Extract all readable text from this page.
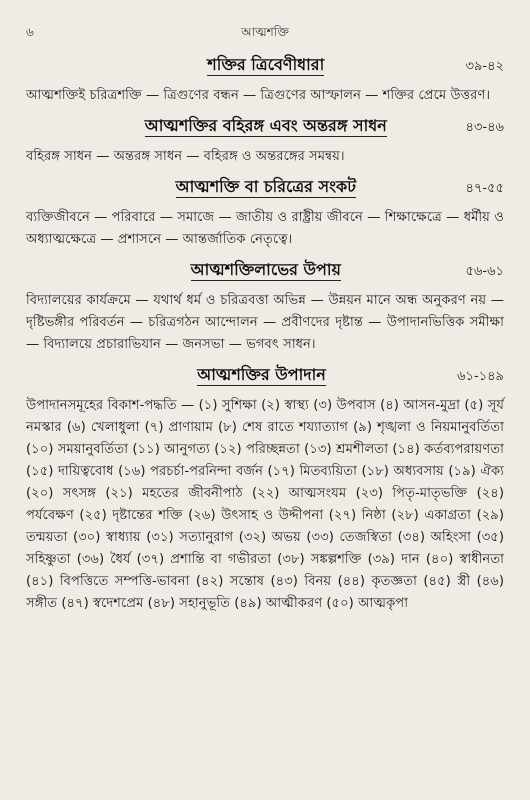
৬	আত্মশক্তি
শক্তির ত্রিবেণীধারা	৩৯-৪২

আত্মশক্তিই চরিত্রশক্তি — ত্রিগুণের বন্ধন — ত্রিগুণের আস্ফালন — শক্তির প্রেমে উত্তরণ।

আত্মশক্তির বহিরঙ্গ এবং অন্তরঙ্গ সাধন	৪৩-৪৬

বহিরঙ্গ সাধন — অন্তরঙ্গ সাধন — বহিরঙ্গ ও অন্তরঙ্গের সমন্বয়।

আত্মশক্তি বা চরিত্রের সংকট	৪৭-৫৫

ব্যক্তিজীবনে — পরিবারে — সমাজে — জাতীয় ও রাষ্ট্রীয় জীবনে — শিক্ষাক্ষেত্রে — ধর্মীয় ও অধ্যাত্মক্ষেত্রে — প্রশাসনে — আন্তর্জাতিক নেতৃত্বে।

আত্মশক্তিলাভের উপায়	৫৬-৬১

বিদ্যালয়ের কার্যক্রমে — যথার্থ ধর্ম ও চরিত্রবত্তা অভিন্ন — উন্নয়ন মানে অন্ধ অনুকরণ নয় — দৃষ্টিভঙ্গীর পরিবর্তন — চরিত্রগঠন আন্দোলন — প্রবীণদের দৃষ্টান্ত — উপাদানভিত্তিক সমীক্ষা — বিদ্যালয়ে প্রচারাভিযান — জনসভা — ভগবৎ সাধন।

আত্মশক্তির উপাদান	৬১-১৪৯

উপাদানসমূহের বিকাশ-পদ্ধতি — (১) সুশিক্ষা (২) স্বাস্থ্য (৩) উপবাস (৪) আসন-মুদ্রা (৫) সূর্য নমস্কার (৬) খেলাধুলা (৭) প্রাণায়াম (৮) শেষ রাতে শয্যাত্যাগ (৯) শৃঙ্খলা ও নিয়মানুবর্তিতা (১০) সময়ানুবর্তিতা (১১) আনুগত্য (১২) পরিচ্ছন্নতা (১৩) শ্রমশীলতা (১৪) কর্তব্যপরায়ণতা (১৫) দায়িত্ববোধ (১৬) পরচর্চা-পরনিন্দা বর্জন (১৭) মিতব্যয়িতা (১৮) অধ্যবসায় (১৯) ঐক্য (২০) সৎসঙ্গ (২১) মহতের জীবনীপাঠ (২২) আত্মসংযম (২৩) পিতৃ-মাতৃভক্তি (২৪) পর্যবেক্ষণ (২৫) দৃষ্টান্তের শক্তি (২৬) উৎসাহ ও উদ্দীপনা (২৭) নিষ্ঠা (২৮) একাগ্রতা (২৯) তন্ময়তা (৩০) স্বাধ্যায় (৩১) সত্যানুরাগ (৩২) অভয় (৩৩) তেজস্বিতা (৩৪) অহিংসা (৩৫) সহিষ্ণুতা (৩৬) ধৈর্য (৩৭) প্রশান্তি বা গভীরতা (৩৮) সঙ্কল্পশক্তি (৩৯) দান (৪০) স্বাধীনতা (৪১) বিপত্তিতে সম্পত্তি-ভাবনা (৪২) সন্তোষ (৪৩) বিনয় (৪৪) কৃতজ্ঞতা (৪৫) স্ত্রী (৪৬) সঙ্গীত (৪৭) স্বদেশপ্রেম (৪৮) সহানুভূতি (৪৯) আত্মীকরণ (৫০) আত্মকৃপা
